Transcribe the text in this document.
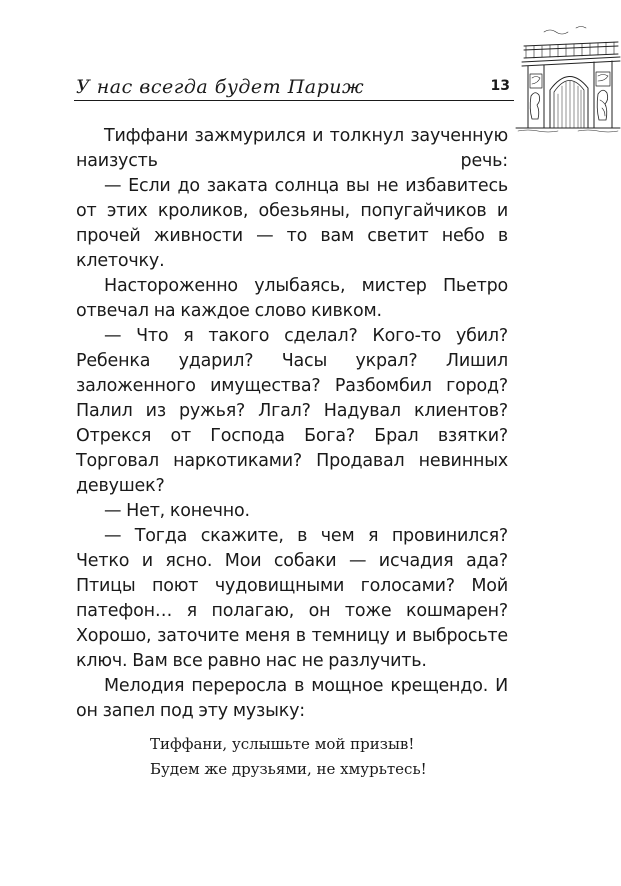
У нас всегда будет Париж	13

Тиффани зажмурился и толкнул заученную наизусть речь:

— Если до заката солнца вы не избавитесь от этих кроликов, обезьяны, попугайчиков и прочей живности — то вам светит небо в клеточку.

Настороженно улыбаясь, мистер Пьетро отвечал на каждое слово кивком.

— Что я такого сделал? Кого-то убил? Ребенка ударил? Часы украл? Лишил заложенного имущества? Разбомбил город? Палил из ружья? Лгал? Надувал клиентов? Отрекся от Господа Бога? Брал взятки? Торговал наркотиками? Продавал невинных девушек?

— Нет, конечно.

— Тогда скажите, в чем я провинился? Четко и ясно. Мои собаки — исчадия ада? Птицы поют чудовищными голосами? Мой патефон… я полагаю, он тоже кошмарен? Хорошо, заточите меня в темницу и выбросьте ключ. Вам все равно нас не разлучить.

Мелодия переросла в мощное крещендо. И он запел под эту музыку:

Тиффани, услышьте мой призыв!
Будем же друзьями, не хмурьтесь!
